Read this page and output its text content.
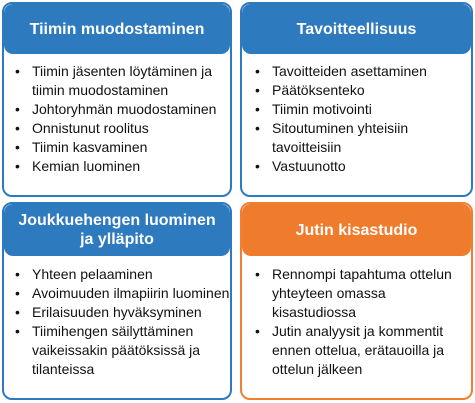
Tiimin muodostaminen
• Tiimin jäsenten löytäminen ja tiimin muodostaminen
• Johtoryhmän muodostaminen
• Onnistunut roolitus
• Tiimin kasvaminen
• Kemian luominen
Tavoitteellisuus
• Tavoitteiden asettaminen
• Päätöksenteko
• Tiimin motivointi
• Sitoutuminen yhteisiin tavoitteisiin
• Vastuunotto
Joukkuehengen luominen ja ylläpito
• Yhteen pelaaminen
• Avoimuuden ilmapiirin luominen
• Erilaisuuden hyväksyminen
• Tiimihengen säilyttäminen vaikeissakin päätöksissä ja tilanteissa
Jutin kisastudio
• Rennompi tapahtuma ottelun yhteyteen omassa kisastudiossa
• Jutin analyysit ja kommentit ennen ottelua, erätauoilla ja ottelun jälkeen
